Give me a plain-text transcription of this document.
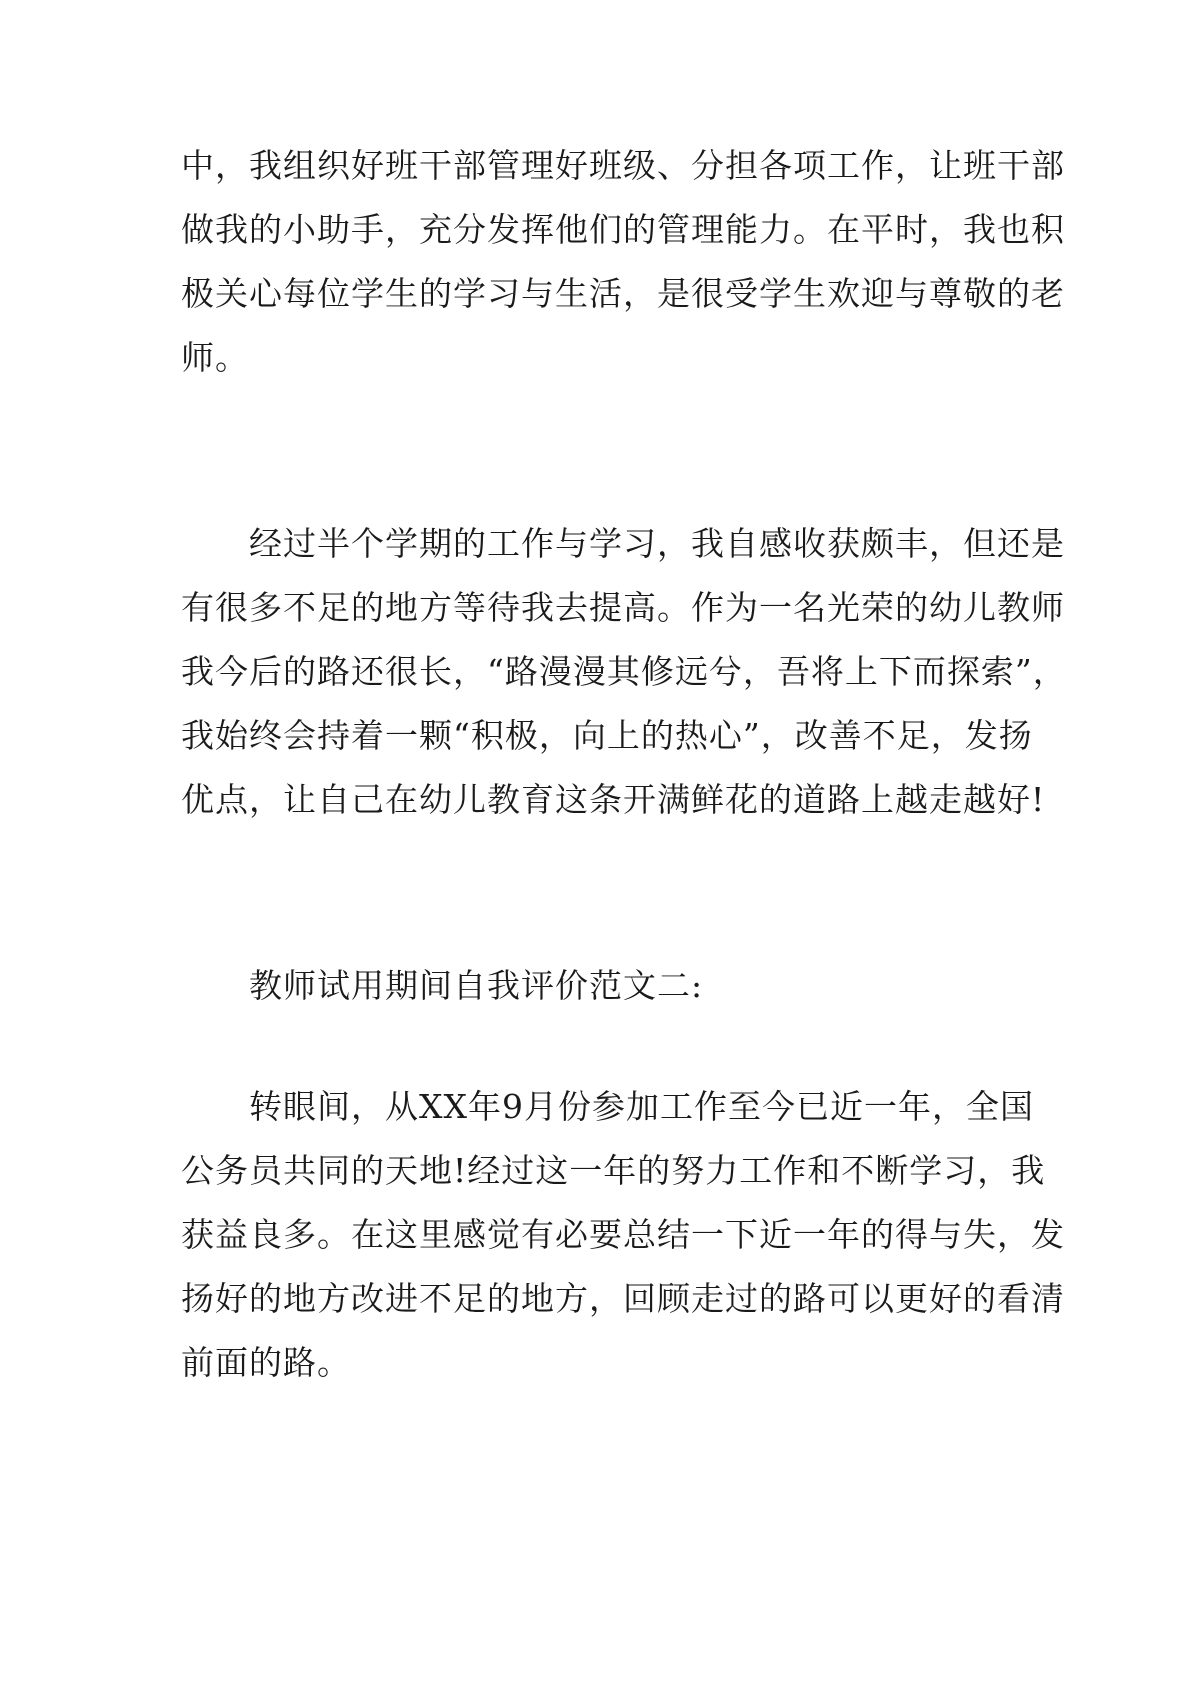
中，我组织好班干部管理好班级、分担各项工作，让班干部
做我的小助手，充分发挥他们的管理能力。在平时，我也积
极关心每位学生的学习与生活，是很受学生欢迎与尊敬的老
师。
　　经过半个学期的工作与学习，我自感收获颇丰，但还是
有很多不足的地方等待我去提高。作为一名光荣的幼儿教师
我今后的路还很长，“路漫漫其修远兮，吾将上下而探索”，
我始终会持着一颗“积极，向上的热心”，改善不足，发扬
优点，让自己在幼儿教育这条开满鲜花的道路上越走越好!
　　教师试用期间自我评价范文二:
　　转眼间，从XX年9月份参加工作至今已近一年，全国
公务员共同的天地!经过这一年的努力工作和不断学习，我
获益良多。在这里感觉有必要总结一下近一年的得与失，发
扬好的地方改进不足的地方，回顾走过的路可以更好的看清
前面的路。
